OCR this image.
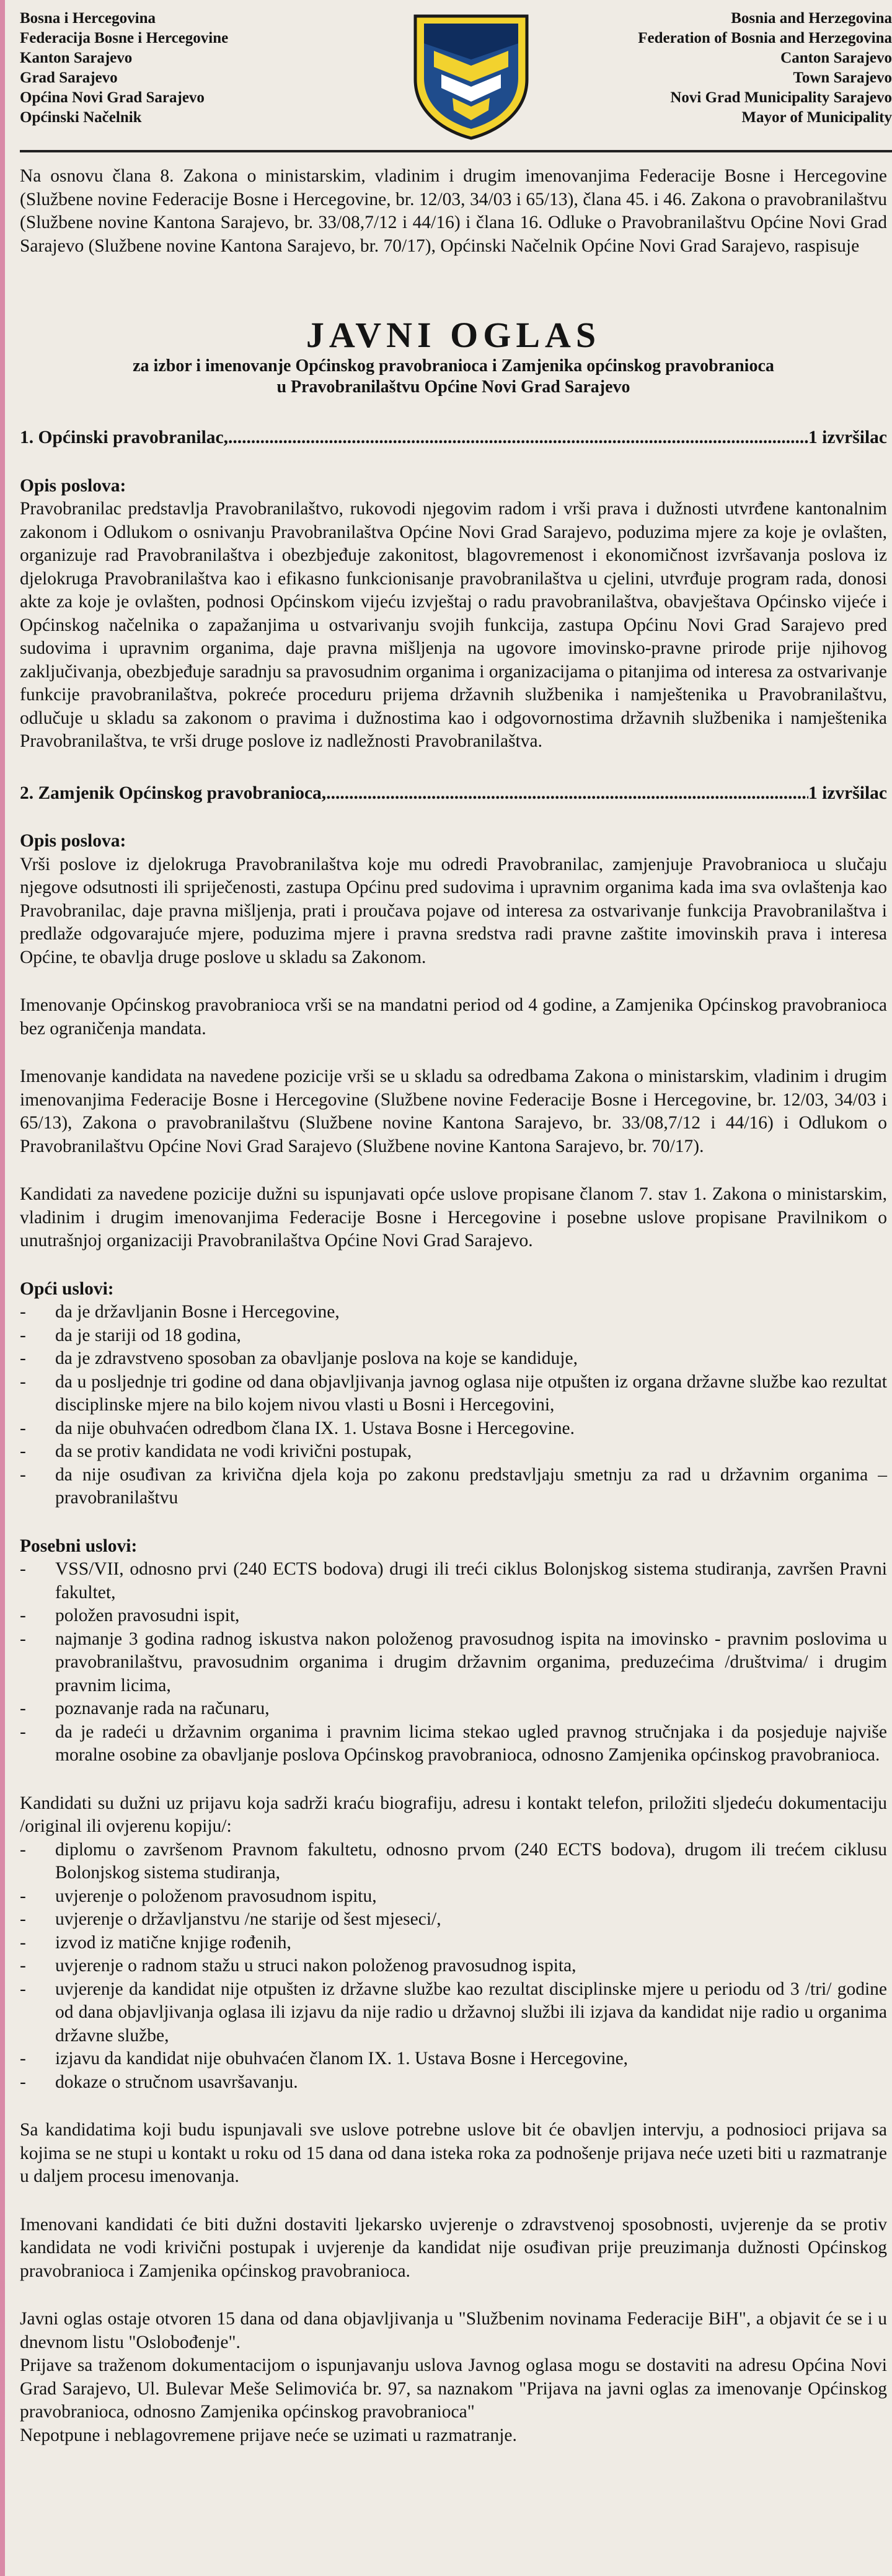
Bosna i Hercegovina
Federacija Bosne i Hercegovine
Kanton Sarajevo
Grad Sarajevo
Općina Novi Grad Sarajevo
Općinski Načelnik
Bosnia and Herzegovina
Federation of Bosnia and Herzegovina
Canton Sarajevo
Town Sarajevo
Novi Grad Municipality Sarajevo
Mayor of Municipality

Na osnovu člana 8. Zakona o ministarskim, vladinim i drugim imenovanjima Federacije Bosne i Hercegovine (Službene novine Federacije Bosne i Hercegovine, br. 12/03, 34/03 i 65/13), člana 45. i 46. Zakona o pravobranilaštvu (Službene novine Kantona Sarajevo, br. 33/08,7/12 i 44/16) i člana 16. Odluke o Pravobranilaštvu Općine Novi Grad Sarajevo (Službene novine Kantona Sarajevo, br. 70/17), Općinski Načelnik Općine Novi Grad Sarajevo, raspisuje

JAVNI OGLAS
za izbor i imenovanje Općinskog pravobranioca i Zamjenika općinskog pravobranioca
u Pravobranilaštvu Općine Novi Grad Sarajevo
1. Općinski pravobranilac, .....	1 izvršilac

Opis poslova:

Pravobranilac predstavlja Pravobranilaštvo, rukovodi njegovim radom i vrši prava i dužnosti utvrđene kantonalnim zakonom i Odlukom o osnivanju Pravobranilaštva Općine Novi Grad Sarajevo, poduzima mjere za koje je ovlašten, organizuje rad Pravobranilaštva i obezbjeđuje zakonitost, blagovremenost i ekonomičnost izvršavanja poslova iz djelokruga Pravobranilaštva kao i efikasno funkcionisanje pravobranilaštva u cjelini, utvrđuje program rada, donosi akte za koje je ovlašten, podnosi Općinskom vijeću izvještaj o radu pravobranilaštva, obavještava Općinsko vijeće i Općinskog načelnika o zapažanjima u ostvarivanju svojih funkcija, zastupa Općinu Novi Grad Sarajevo pred sudovima i upravnim organima, daje pravna mišljenja na ugovore imovinsko-pravne prirode prije njihovog zaključivanja, obezbjeđuje saradnju sa pravosudnim organima i organizacijama o pitanjima od interesa za ostvarivanje funkcije pravobranilaštva, pokreće proceduru prijema državnih službenika i namještenika u Pravobranilaštvu, odlučuje u skladu sa zakonom o pravima i dužnostima kao i odgovornostima državnih službenika i namještenika Pravobranilaštva, te vrši druge poslove iz nadležnosti Pravobranilaštva.

2. Zamjenik Općinskog pravobranioca, .....	1 izvršilac

Opis poslova:

Vrši poslove iz djelokruga Pravobranilaštva koje mu odredi Pravobranilac, zamjenjuje Pravobranioca u slučaju njegove odsutnosti ili spriječenosti, zastupa Općinu pred sudovima i upravnim organima kada ima sva ovlaštenja kao Pravobranilac, daje pravna mišljenja, prati i proučava pojave od interesa za ostvarivanje funkcija Pravobranilaštva i predlaže odgovarajuće mjere, poduzima mjere i pravna sredstva radi pravne zaštite imovinskih prava i interesa Općine, te obavlja druge poslove u skladu sa Zakonom.

Imenovanje Općinskog pravobranioca vrši se na mandatni period od 4 godine, a Zamjenika Općinskog pravobranioca bez ograničenja mandata.

Imenovanje kandidata na navedene pozicije vrši se u skladu sa odredbama Zakona o ministarskim, vladinim i drugim imenovanjima Federacije Bosne i Hercegovine (Službene novine Federacije Bosne i Hercegovine, br. 12/03, 34/03 i 65/13), Zakona o pravobranilaštvu (Službene novine Kantona Sarajevo, br. 33/08,7/12 i 44/16) i Odlukom o Pravobranilaštvu Općine Novi Grad Sarajevo (Službene novine Kantona Sarajevo, br. 70/17).

Kandidati za navedene pozicije dužni su ispunjavati opće uslove propisane članom 7. stav 1. Zakona o ministarskim, vladinim i drugim imenovanjima Federacije Bosne i Hercegovine i posebne uslove propisane Pravilnikom o unutrašnjoj organizaciji Pravobranilaštva Općine Novi Grad Sarajevo.

Opći uslovi:

- da je državljanin Bosne i Hercegovine,
- da je stariji od 18 godina,
- da je zdravstveno sposoban za obavljanje poslova na koje se kandiduje,
- da u posljednje tri godine od dana objavljivanja javnog oglasa nije otpušten iz organa državne službe kao rezultat disciplinske mjere na bilo kojem nivou vlasti u Bosni i Hercegovini,
- da nije obuhvaćen odredbom člana IX. 1. Ustava Bosne i Hercegovine.
- da se protiv kandidata ne vodi krivični postupak,
- da nije osuđivan za krivična djela koja po zakonu predstavljaju smetnju za rad u državnim organima – pravobranilaštvu

Posebni uslovi:

- VSS/VII, odnosno prvi (240 ECTS bodova) drugi ili treći ciklus Bolonjskog sistema studiranja, završen Pravni fakultet,
- položen pravosudni ispit,
- najmanje 3 godina radnog iskustva nakon položenog pravosudnog ispita na imovinsko - pravnim poslovima u pravobranilaštvu, pravosudnim organima i drugim državnim organima, preduzećima /društvima/ i drugim pravnim licima,
- poznavanje rada na računaru,
- da je radeći u državnim organima i pravnim licima stekao ugled pravnog stručnjaka i da posjeduje najviše moralne osobine za obavljanje poslova Općinskog pravobranioca, odnosno Zamjenika općinskog pravobranioca.

Kandidati su dužni uz prijavu koja sadrži kraću biografiju, adresu i kontakt telefon, priložiti sljedeću dokumentaciju /original ili ovjerenu kopiju/:

- diplomu o završenom Pravnom fakultetu, odnosno prvom (240 ECTS bodova), drugom ili trećem ciklusu Bolonjskog sistema studiranja,
- uvjerenje o položenom pravosudnom ispitu,
- uvjerenje o državljanstvu /ne starije od šest mjeseci/,
- izvod iz matične knjige rođenih,
- uvjerenje o radnom stažu u struci nakon položenog pravosudnog ispita,
- uvjerenje da kandidat nije otpušten iz državne službe kao rezultat disciplinske mjere u periodu od 3 /tri/ godine od dana objavljivanja oglasa ili izjavu da nije radio u državnoj službi ili izjava da kandidat nije radio u organima državne službe,
- izjavu da kandidat nije obuhvaćen članom IX. 1. Ustava Bosne i Hercegovine,
- dokaze o stručnom usavršavanju.

Sa kandidatima koji budu ispunjavali sve uslove potrebne uslove bit će obavljen intervju, a podnosioci prijava sa kojima se ne stupi u kontakt u roku od 15 dana od dana isteka roka za podnošenje prijava neće uzeti biti u razmatranje u daljem procesu imenovanja.

Imenovani kandidati će biti dužni dostaviti ljekarsko uvjerenje o zdravstvenoj sposobnosti, uvjerenje da se protiv kandidata ne vodi krivični postupak i uvjerenje da kandidat nije osuđivan prije preuzimanja dužnosti Općinskog pravobranioca i Zamjenika općinskog pravobranioca.

Javni oglas ostaje otvoren 15 dana od dana objavljivanja u "Službenim novinama Federacije BiH", a objavit će se i u dnevnom listu "Oslobođenje".

Prijave sa traženom dokumentacijom o ispunjavanju uslova Javnog oglasa mogu se dostaviti na adresu Općina Novi Grad Sarajevo, Ul. Bulevar Meše Selimovića br. 97, sa naznakom "Prijava na javni oglas za imenovanje Općinskog pravobranioca, odnosno Zamjenika općinskog pravobranioca"

Nepotpune i neblagovremene prijave neće se uzimati u razmatranje.
